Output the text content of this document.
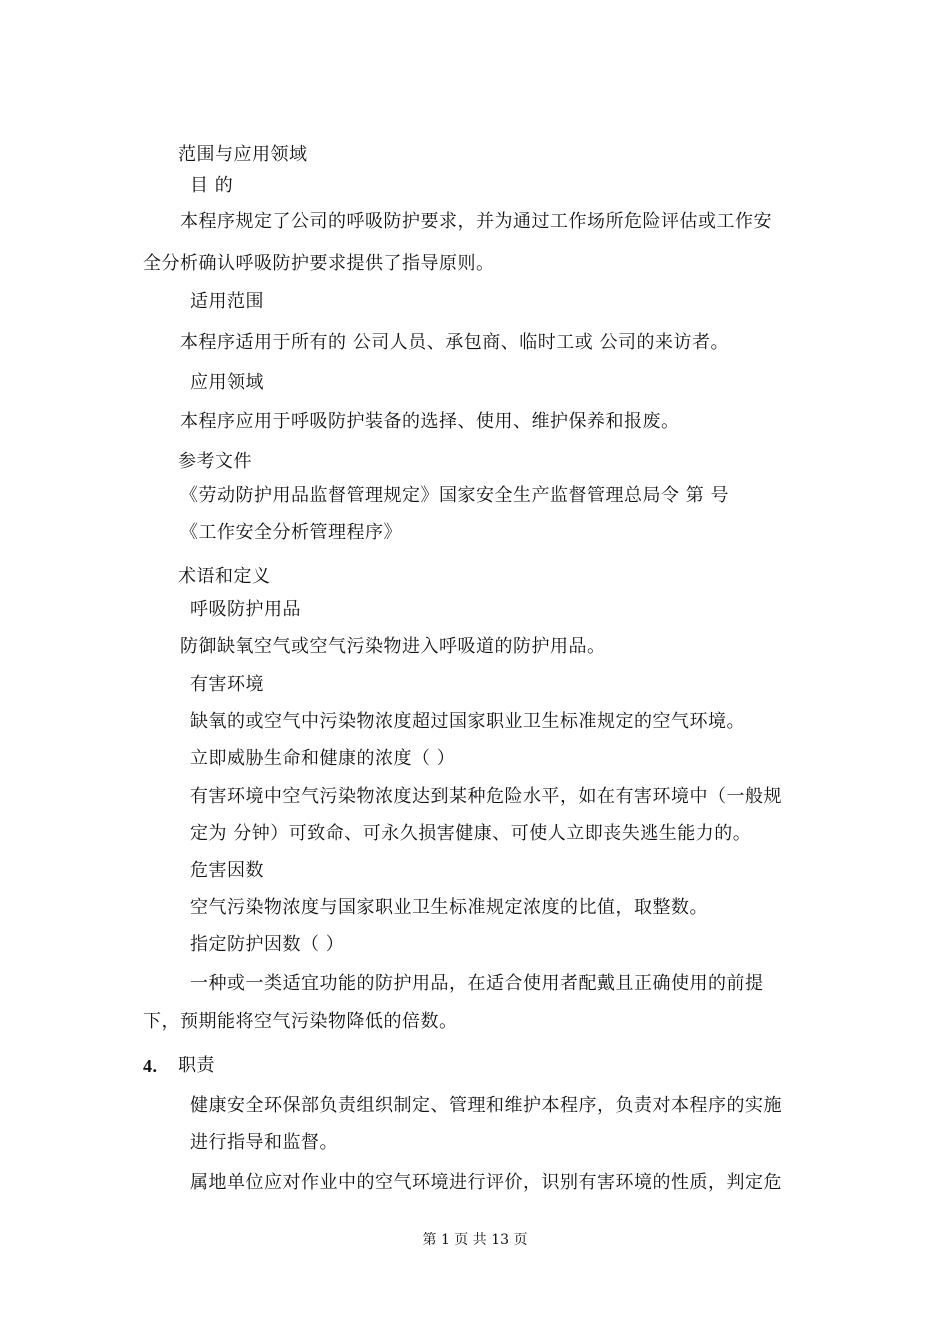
范围与应用领域
目 的
本程序规定了公司的呼吸防护要求，并为通过工作场所危险评估或工作安
全分析确认呼吸防护要求提供了指导原则。
适用范围
本程序适用于所有的 公司人员、承包商、临时工或 公司的来访者。
应用领域
本程序应用于呼吸防护装备的选择、使用、维护保养和报废。
参考文件
《劳动防护用品监督管理规定》国家安全生产监督管理总局令 第 号
《工作安全分析管理程序》
术语和定义
呼吸防护用品
防御缺氧空气或空气污染物进入呼吸道的防护用品。
有害环境
缺氧的或空气中污染物浓度超过国家职业卫生标准规定的空气环境。
立即威胁生命和健康的浓度（ ）
有害环境中空气污染物浓度达到某种危险水平，如在有害环境中（一般规
定为 分钟）可致命、可永久损害健康、可使人立即丧失逃生能力的。
危害因数
空气污染物浓度与国家职业卫生标准规定浓度的比值，取整数。
指定防护因数（ ）
一种或一类适宜功能的防护用品，在适合使用者配戴且正确使用的前提
下，预期能将空气污染物降低的倍数。
4. 职责
健康安全环保部负责组织制定、管理和维护本程序，负责对本程序的实施
进行指导和监督。
属地单位应对作业中的空气环境进行评价，识别有害环境的性质，判定危
第 1 页 共 13 页
